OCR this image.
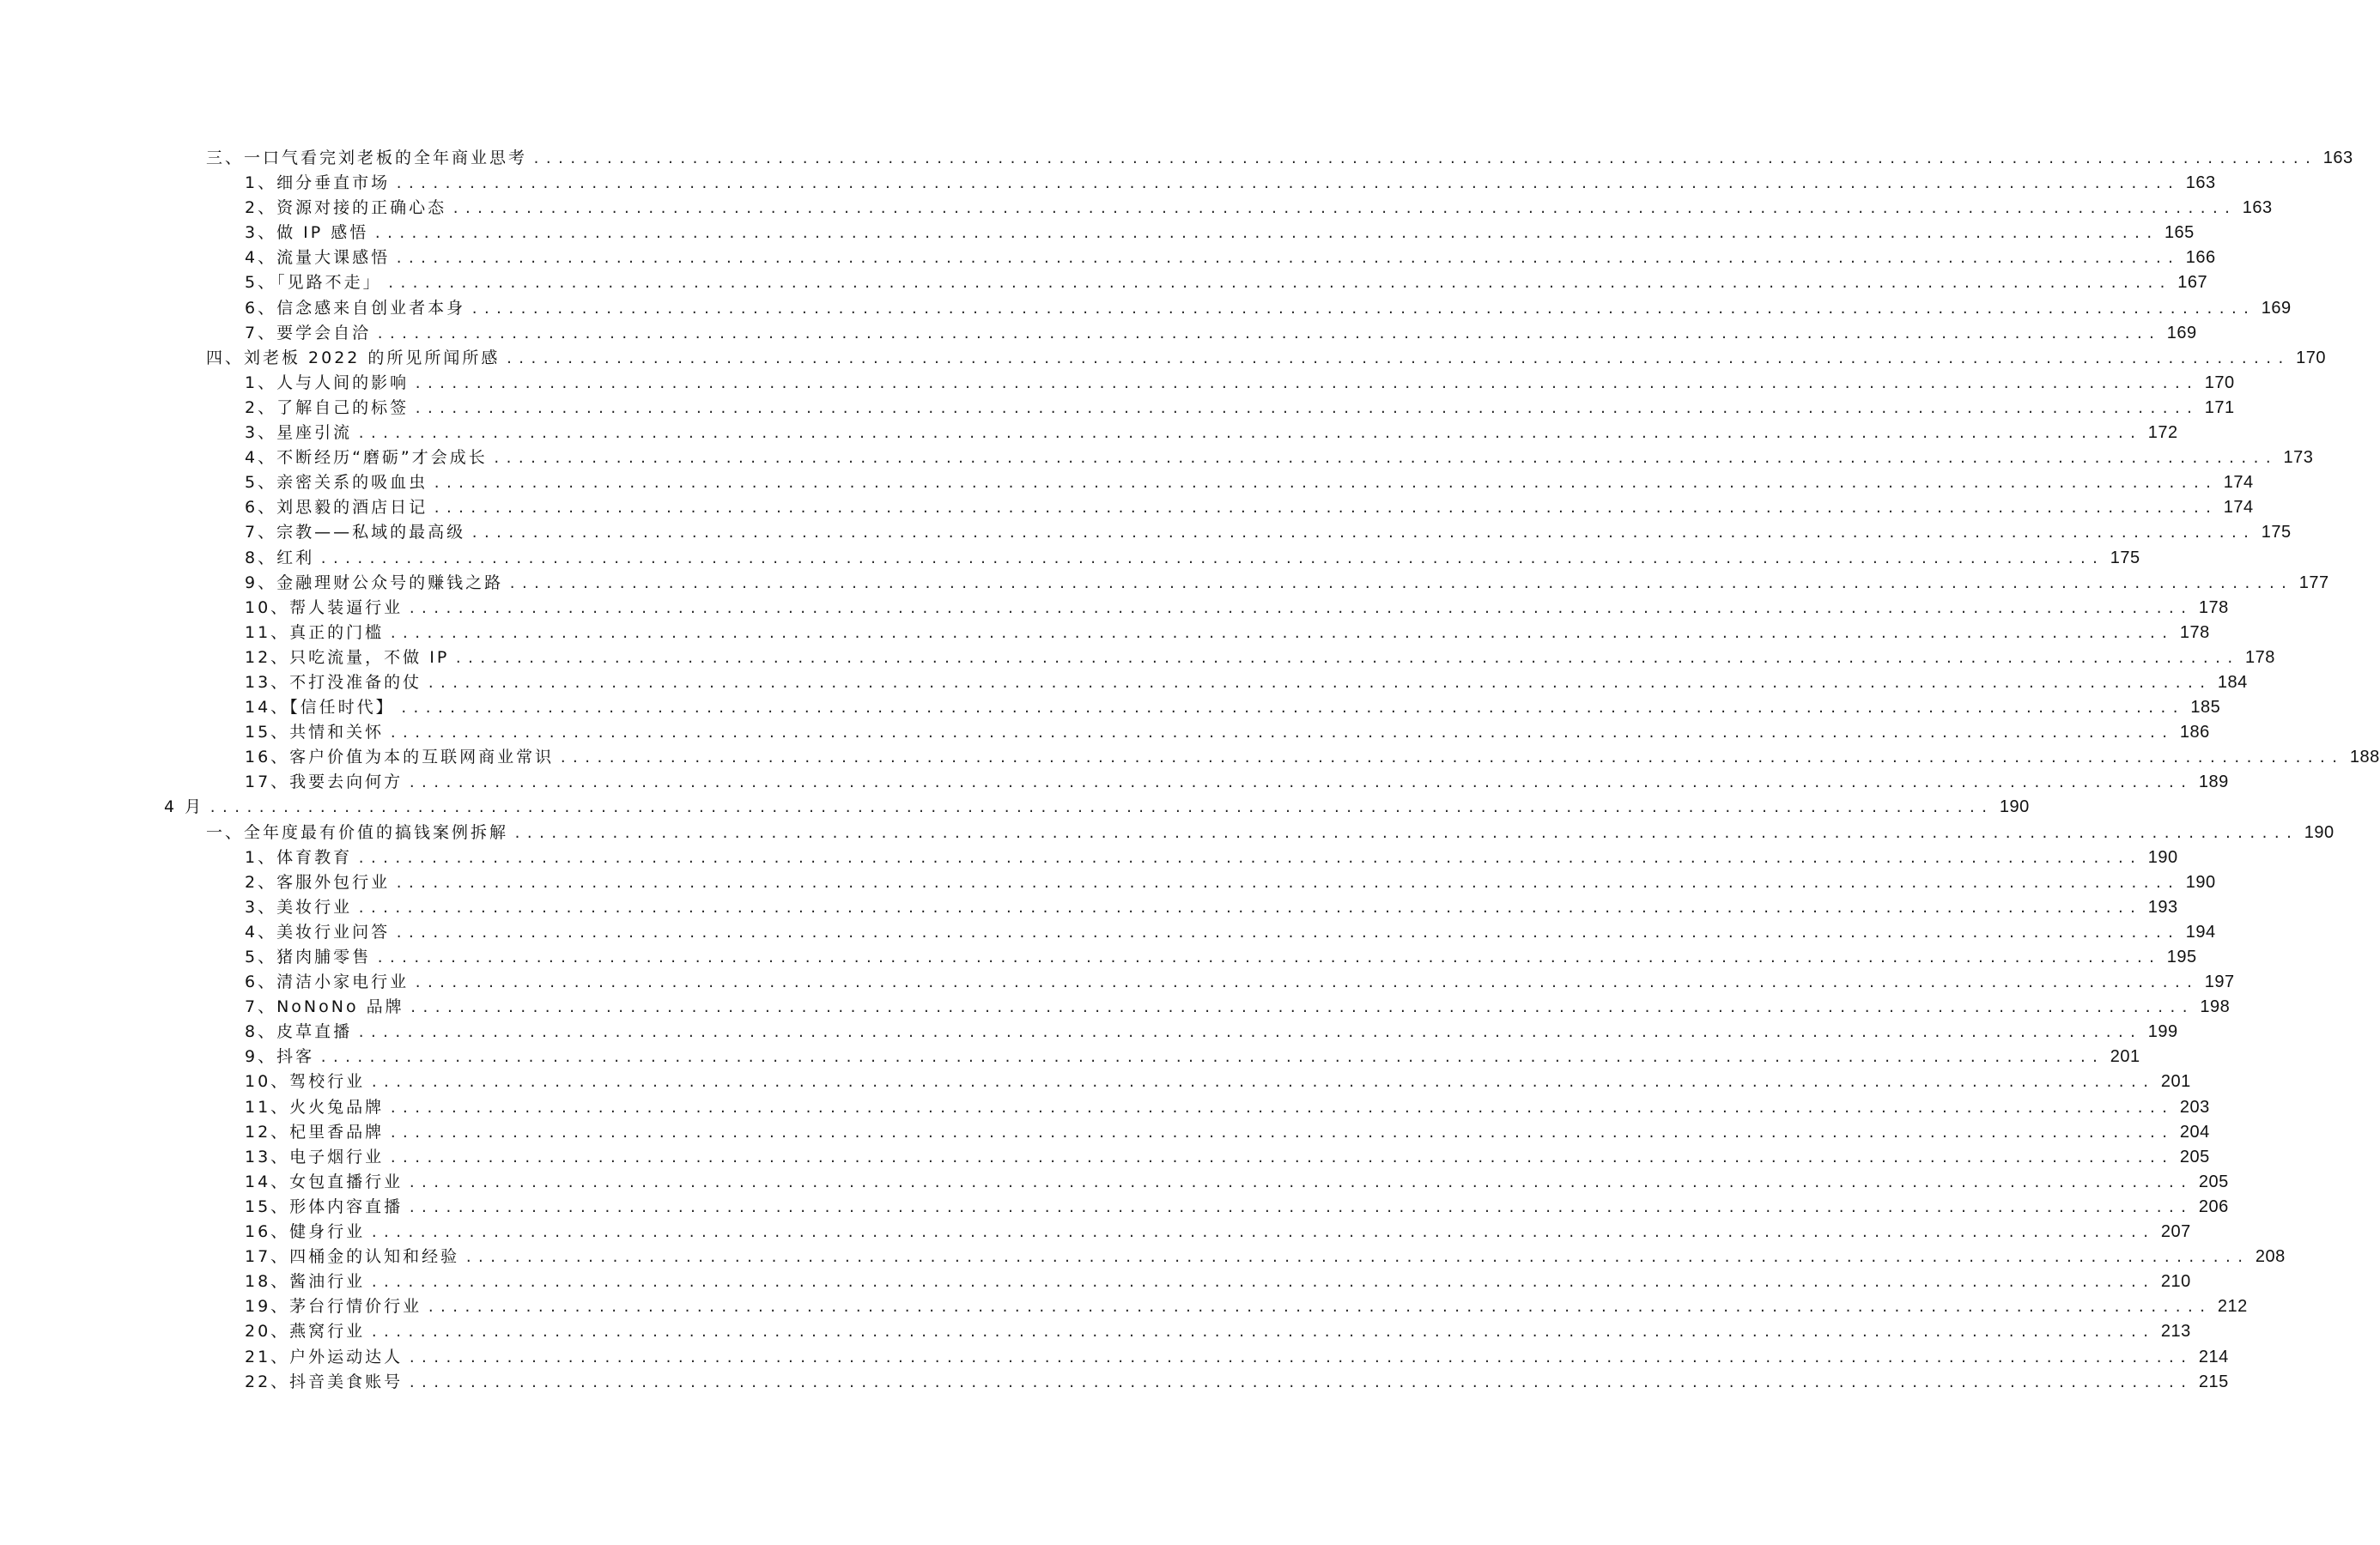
三、一口气看完刘老板的全年商业思考 .................................................................................................................................................. 163
1、细分垂直市场 .................................................................................................................................................. 163
2、资源对接的正确心态 .................................................................................................................................................. 163
3、做 IP 感悟 .................................................................................................................................................. 165
4、流量大课感悟 .................................................................................................................................................. 166
5、「见路不走」 .................................................................................................................................................. 167
6、信念感来自创业者本身 .................................................................................................................................................. 169
7、要学会自洽 .................................................................................................................................................. 169
四、刘老板 2022 的所见所闻所感 .................................................................................................................................................. 170
1、人与人间的影响 .................................................................................................................................................. 170
2、了解自己的标签 .................................................................................................................................................. 171
3、星座引流 .................................................................................................................................................. 172
4、不断经历“磨砺”才会成长 .................................................................................................................................................. 173
5、亲密关系的吸血虫 .................................................................................................................................................. 174
6、刘思毅的酒店日记 .................................................................................................................................................. 174
7、宗教——私域的最高级 .................................................................................................................................................. 175
8、红利 .................................................................................................................................................. 175
9、金融理财公众号的赚钱之路 .................................................................................................................................................. 177
10、帮人装逼行业 .................................................................................................................................................. 178
11、真正的门槛 .................................................................................................................................................. 178
12、只吃流量，不做 IP .................................................................................................................................................. 178
13、不打没准备的仗 .................................................................................................................................................. 184
14、【信任时代】 .................................................................................................................................................. 185
15、共情和关怀 .................................................................................................................................................. 186
16、客户价值为本的互联网商业常识 .................................................................................................................................................. 188
17、我要去向何方 .................................................................................................................................................. 189
4 月 .................................................................................................................................................. 190
一、全年度最有价值的搞钱案例拆解 .................................................................................................................................................. 190
1、体育教育 .................................................................................................................................................. 190
2、客服外包行业 .................................................................................................................................................. 190
3、美妆行业 .................................................................................................................................................. 193
4、美妆行业问答 .................................................................................................................................................. 194
5、猪肉脯零售 .................................................................................................................................................. 195
6、清洁小家电行业 .................................................................................................................................................. 197
7、NoNoNo 品牌 .................................................................................................................................................. 198
8、皮草直播 .................................................................................................................................................. 199
9、抖客 .................................................................................................................................................. 201
10、驾校行业 .................................................................................................................................................. 201
11、火火兔品牌 .................................................................................................................................................. 203
12、杞里香品牌 .................................................................................................................................................. 204
13、电子烟行业 .................................................................................................................................................. 205
14、女包直播行业 .................................................................................................................................................. 205
15、形体内容直播 .................................................................................................................................................. 206
16、健身行业 .................................................................................................................................................. 207
17、四桶金的认知和经验 .................................................................................................................................................. 208
18、酱油行业 .................................................................................................................................................. 210
19、茅台行情价行业 .................................................................................................................................................. 212
20、燕窝行业 .................................................................................................................................................. 213
21、户外运动达人 .................................................................................................................................................. 214
22、抖音美食账号 .................................................................................................................................................. 215
